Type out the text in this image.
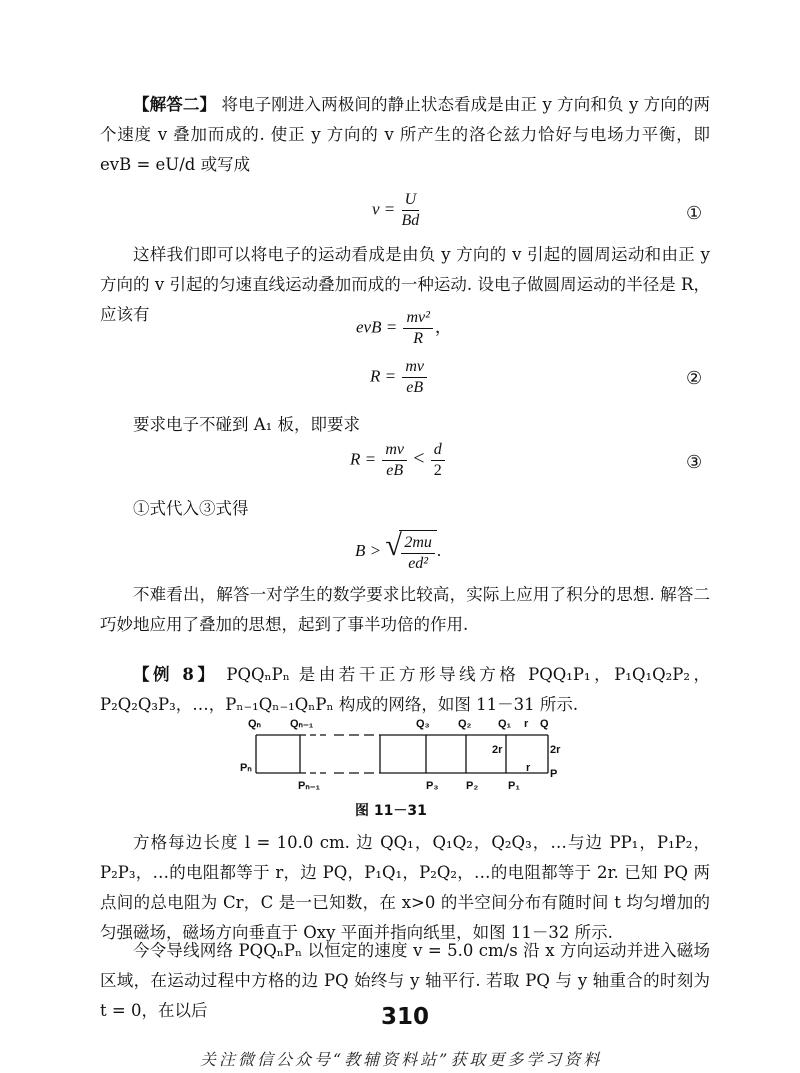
【解答二】 将电子刚进入两极间的静止状态看成是由正 y 方向和负 y 方向的两个速度 v 叠加而成的. 使正 y 方向的 v 所产生的洛仑兹力恰好与电场力平衡，即 evB = eU/d 或写成
$v = \frac{U}{Bd}$	①
这样我们即可以将电子的运动看成是由负 y 方向的 v 引起的圆周运动和由正 y 方向的 v 引起的匀速直线运动叠加而成的一种运动. 设电子做圆周运动的半径是 R，应该有
evB = $\frac{\text{mv²}}{R}$ ，
$R = \frac{mv}{eB}$	②
要求电子不碰到 A₁ 板，即要求
$R = \frac{mv}{eB} < \frac{d}{2}$	③
①式代入③式得
B > √ $\frac{2mu}{\text{ed²}}$ .
不难看出，解答一对学生的数学要求比较高，实际上应用了积分的思想. 解答二巧妙地应用了叠加的思想，起到了事半功倍的作用.
【例 8】 PQQₙPₙ 是由若干正方形导线方格 PQQ₁P₁，P₁Q₁Q₂P₂，P₂Q₂Q₃P₃，…，Pₙ₋₁Qₙ₋₁QₙPₙ 构成的网络，如图 11－31 所示.
Qₙ	Qₙ₋₁	Q₃	Q₂ Q₁ r Q
Pₙ
Pₙ₋₁	P₃	P₂	P₁
P
2r	2r
r
图 11－31
方格每边长度 l = 10.0 cm. 边 QQ₁，Q₁Q₂，Q₂Q₃，…与边 PP₁，P₁P₂，P₂P₃，…的电阻都等于 r，边 PQ，P₁Q₁，P₂Q₂，…的电阻都等于 2r. 已知 PQ 两点间的总电阻为 Cr，C 是一已知数，在 x>0 的半空间分布有随时间 t 均匀增加的匀强磁场，磁场方向垂直于 Oxy 平面并指向纸里，如图 11－32 所示.
今令导线网络 PQQₙPₙ 以恒定的速度 v = 5.0 cm/s 沿 x 方向运动并进入磁场区域，在运动过程中方格的边 PQ 始终与 y 轴平行. 若取 PQ 与 y 轴重合的时刻为 t = 0，在以后	310
关注微信公众号“教辅资料站”获取更多学习资料
